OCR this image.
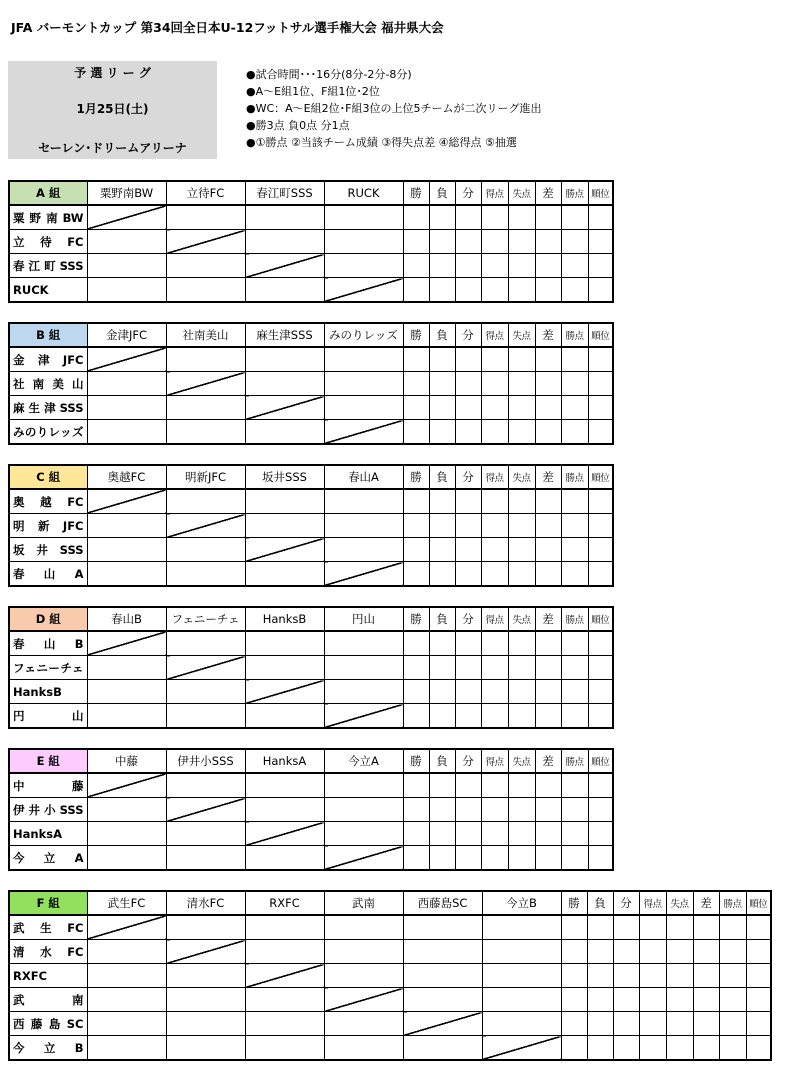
JFA バーモントカップ 第34回全日本U-12フットサル選手権大会 福井県大会
予 選 リ ー グ
1月25日(土)
セーレン･ドリームアリーナ
●試合時間･･･16分(8分-2分-8分)
●A～E組1位、F組1位･2位
●WC：A～E組2位･F組3位の上位5チームが二次リーグ進出
●勝3点 負0点 分1点
●①勝点 ②当該チーム成績 ③得失点差 ④総得点 ⑤抽選
A 組	粟野南BW	立待FC	春江町SSS	RUCK	勝	負	分	得点	失点	差	勝点	順位
粟野南BW												
立待FC												
春江町SSS												
RUCK												
B 組	金津JFC	社南美山	麻生津SSS	みのりレッズ	勝	負	分	得点	失点	差	勝点	順位
金津JFC												
社南美山												
麻生津SSS												
みのりレッズ												
C 組	奥越FC	明新JFC	坂井SSS	春山A	勝	負	分	得点	失点	差	勝点	順位
奥越FC												
明新JFC												
坂井SSS												
春 山 A												
D 組	春山B	フェニーチェ	HanksB	円山	勝	負	分	得点	失点	差	勝点	順位
春 山 B												
フェニーチェ												
HanksB												
円 山												
E 組	中藤	伊井小SSS	HanksA	今立A	勝	負	分	得点	失点	差	勝点	順位
中 藤												
伊井小SSS												
HanksA												
今 立 A												
F 組	武生FC	清水FC	RXFC	武南	西藤島SC	今立B	勝	負	分	得点	失点	差	勝点	順位
武生FC														
清水FC														
RXFC														
武 南														
西藤島SC														
今 立 B														
